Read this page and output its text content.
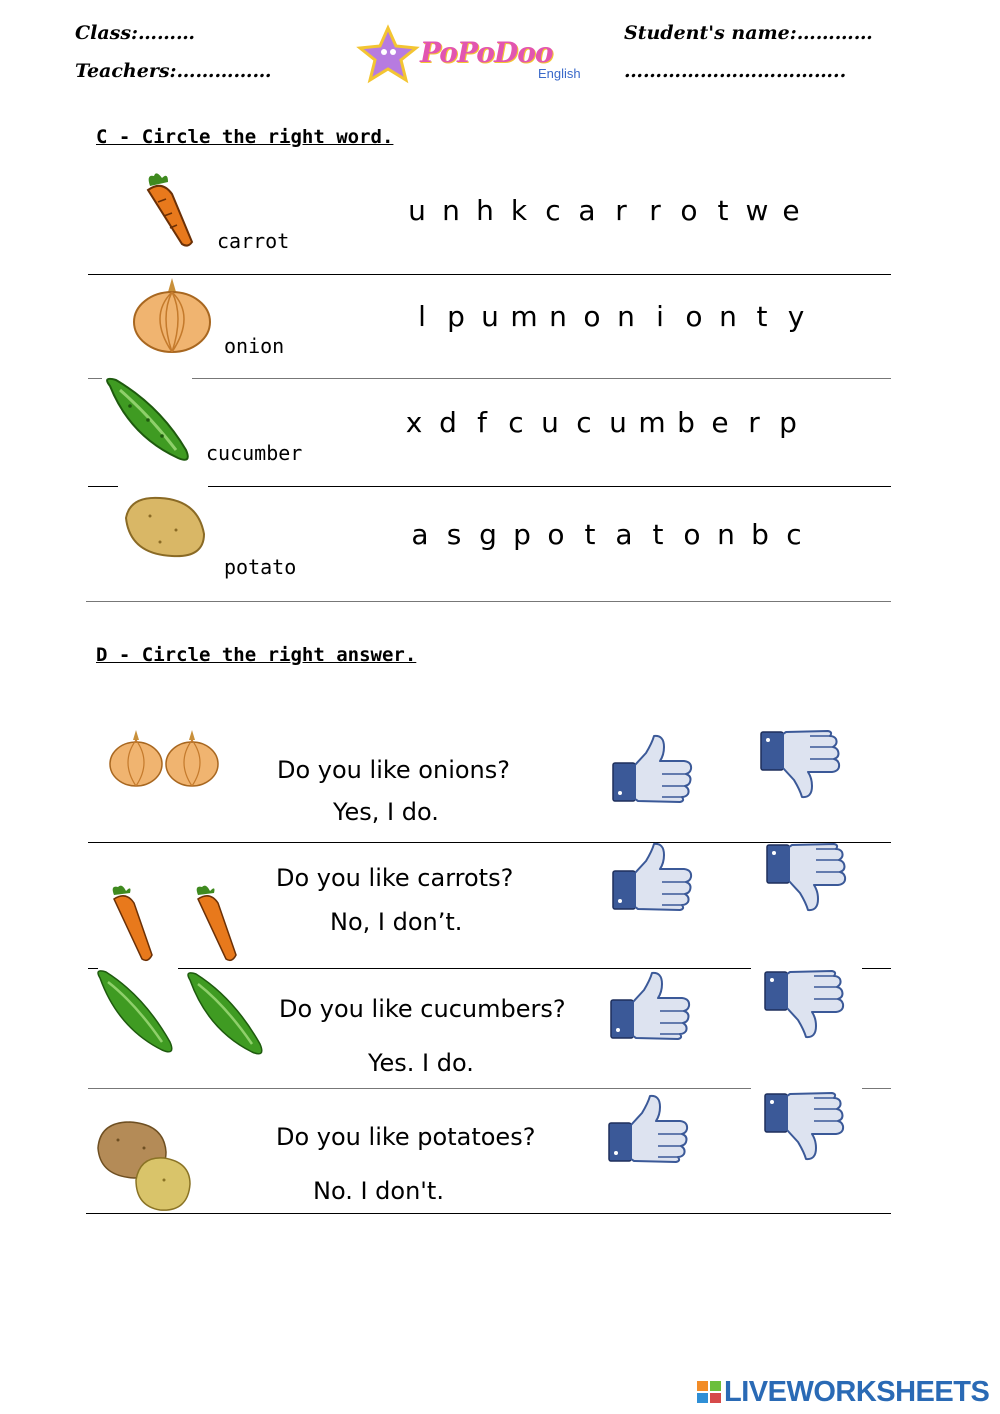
Class:………
Teachers:……………
Student's name:…………
……………………………..
PoPoDoo
English
C - Circle the right word.
carrot
u n h k c a r r o t w e
onion
l p u m n o n i o n t y
cucumber
x d f c u c u m b e r p
potato
a s g p o t a t o n b c
D - Circle the right answer.
Do you like onions?
Yes, I do.
Do you like carrots?
No, I don’t.
Do you like cucumbers?
Yes. I do.
Do you like potatoes?
No. I don't.
LIVEWORKSHEETS
